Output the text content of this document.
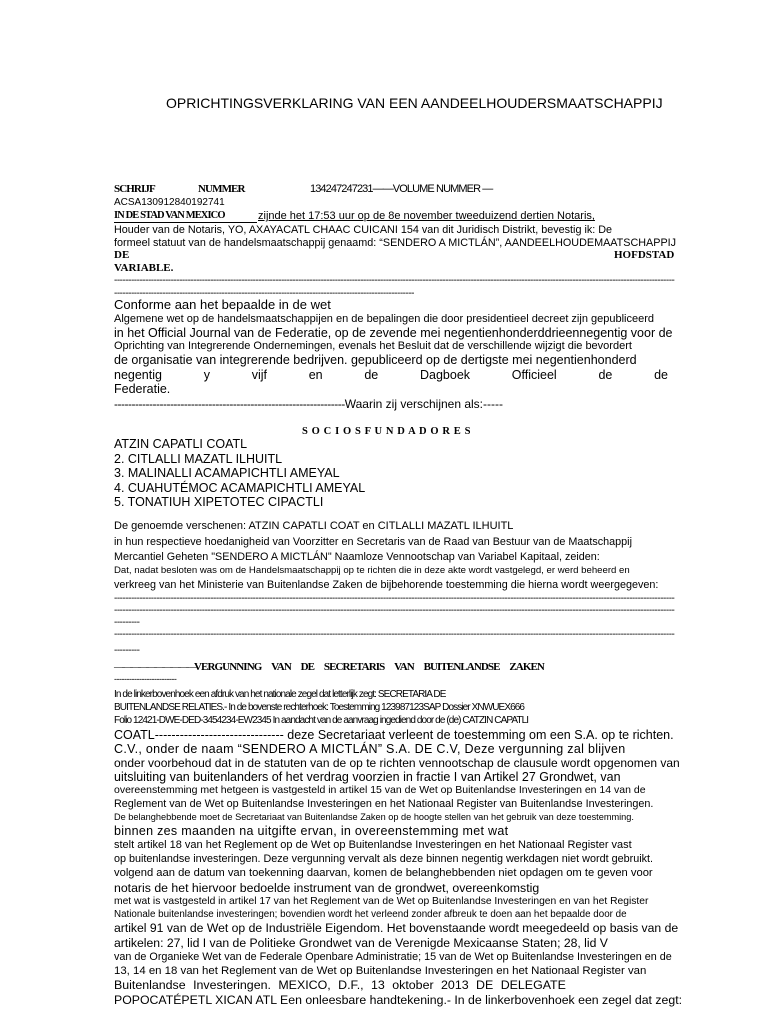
OPRICHTINGSVERKLARING VAN EEN AANDEELHOUDERSMAATSCHAPPIJ
SCHRIJF	NUMMER	134247247231——VOLUME NUMMER —
ACSA130912840192741
IN DE STAD VAN MEXICO	zijnde het 17:53 uur op de 8e november tweeduizend dertien Notaris,
Houder van de Notaris, YO, AXAYACATL CHAAC CUICANI 154 van dit Juridisch Distrikt, bevestig ik: De
formeel statuut van de handelsmaatschappij genaamd: “SENDERO A MICTLÁN”, AANDEELHOUDEMAATSCHAPPIJ
DE	HOFDSTAD
VARIABLE.
------------------------------------------------------------------------------------------------------------------------------------------------------------------------------------------------------
----------------------------------------------------------------------------------------------------------
Conforme aan het bepaalde in de wet
Algemene wet op de handelsmaatschappijen en de bepalingen die door presidentieel decreet zijn gepubliceerd
in het Official Journal van de Federatie, op de zevende mei negentienhonderddrieennegentig voor de
Oprichting van Integrerende Ondernemingen, evenals het Besluit dat de verschillende wijzigt die bevordert
de organisatie van integrerende bedrijven. gepubliceerd op de dertigste mei negentienhonderd
negentig	y	vijf	en	de	Dagboek	Officieel	de	de
Federatie.
------------------------------------------------------------------Waarin zij verschijnen als:-----
S O C I O S F U N D A D O R E S
ATZIN CAPATLI COATL
2. CITLALLI MAZATL ILHUITL
3. MALINALLI ACAMAPICHTLI AMEYAL
4. CUAHUTÉMOC ACAMAPICHTLI AMEYAL
5. TONATIUH XIPETOTEC CIPACTLI
De genoemde verschenen: ATZIN CAPATLI COAT en CITLALLI MAZATL ILHUITL
in hun respectieve hoedanigheid van Voorzitter en Secretaris van de Raad van Bestuur van de Maatschappij
Mercantiel Geheten "SENDERO A MICTLÁN" Naamloze Vennootschap van Variabel Kapitaal, zeiden:
Dat, nadat besloten was om de Handelsmaatschappij op te richten die in deze akte wordt vastgelegd, er werd beheerd en
verkreeg van het Ministerie van Buitenlandse Zaken de bijbehorende toestemming die hierna wordt weergegeven:
------------------------------------------------------------------------------------------------------------------------------------------------------------------------------------------------------
------------------------------------------------------------------------------------------------------------------------------------------------------------------------------------------------------
---------
------------------------------------------------------------------------------------------------------------------------------------------------------------------------------------------------------
---------
—————————— VERGUNNING VAN DE SECRETARIS VAN BUITENLANDSE ZAKEN
-------------------------
In de linkerbovenhoek een afdruk van het nationale zegel dat letterlijk zegt: SECRETARIA DE
BUITENLANDSE RELATIES.- In de bovenste rechterhoek: Toestemming 123987123SAP Dossier XNWUEX666
Folio 12421-DWE-DED-3454234-EW2345 In aandacht van de aanvraag ingediend door de (de) CATZIN CAPATLI
COATL------------------------------- deze Secretariaat verleent de toestemming om een S.A. op te richten.
C.V., onder de naam “SENDERO A MICTLÁN” S.A. DE C.V, Deze vergunning zal blijven
onder voorbehoud dat in de statuten van de op te richten vennootschap de clausule wordt opgenomen van
uitsluiting van buitenlanders of het verdrag voorzien in fractie I van Artikel 27 Grondwet, van
overeenstemming met hetgeen is vastgesteld in artikel 15 van de Wet op Buitenlandse Investeringen en 14 van de
Reglement van de Wet op Buitenlandse Investeringen en het Nationaal Register van Buitenlandse Investeringen.
De belanghebbende moet de Secretariaat van Buitenlandse Zaken op de hoogte stellen van het gebruik van deze toestemming.
binnen zes maanden na uitgifte ervan, in overeenstemming met wat
stelt artikel 18 van het Reglement op de Wet op Buitenlandse Investeringen en het Nationaal Register vast
op buitenlandse investeringen. Deze vergunning vervalt als deze binnen negentig werkdagen niet wordt gebruikt.
volgend aan de datum van toekenning daarvan, komen de belanghebbenden niet opdagen om te geven voor
notaris de het hiervoor bedoelde instrument van de grondwet, overeenkomstig
met wat is vastgesteld in artikel 17 van het Reglement van de Wet op Buitenlandse Investeringen en van het Register
Nationale buitenlandse investeringen; bovendien wordt het verleend zonder afbreuk te doen aan het bepaalde door de
artikel 91 van de Wet op de Industriële Eigendom. Het bovenstaande wordt meegedeeld op basis van de
artikelen: 27, lid I van de Politieke Grondwet van de Verenigde Mexicaanse Staten; 28, lid V
van de Organieke Wet van de Federale Openbare Administratie; 15 van de Wet op Buitenlandse Investeringen en de
13, 14 en 18 van het Reglement van de Wet op Buitenlandse Investeringen en het Nationaal Register van
Buitenlandse Investeringen. MEXICO, D.F., 13 oktober 2013 DE DELEGATE
POPOCATÉPETL XICAN ATL Een onleesbare handtekening.- In de linkerbovenhoek een zegel dat zegt:
